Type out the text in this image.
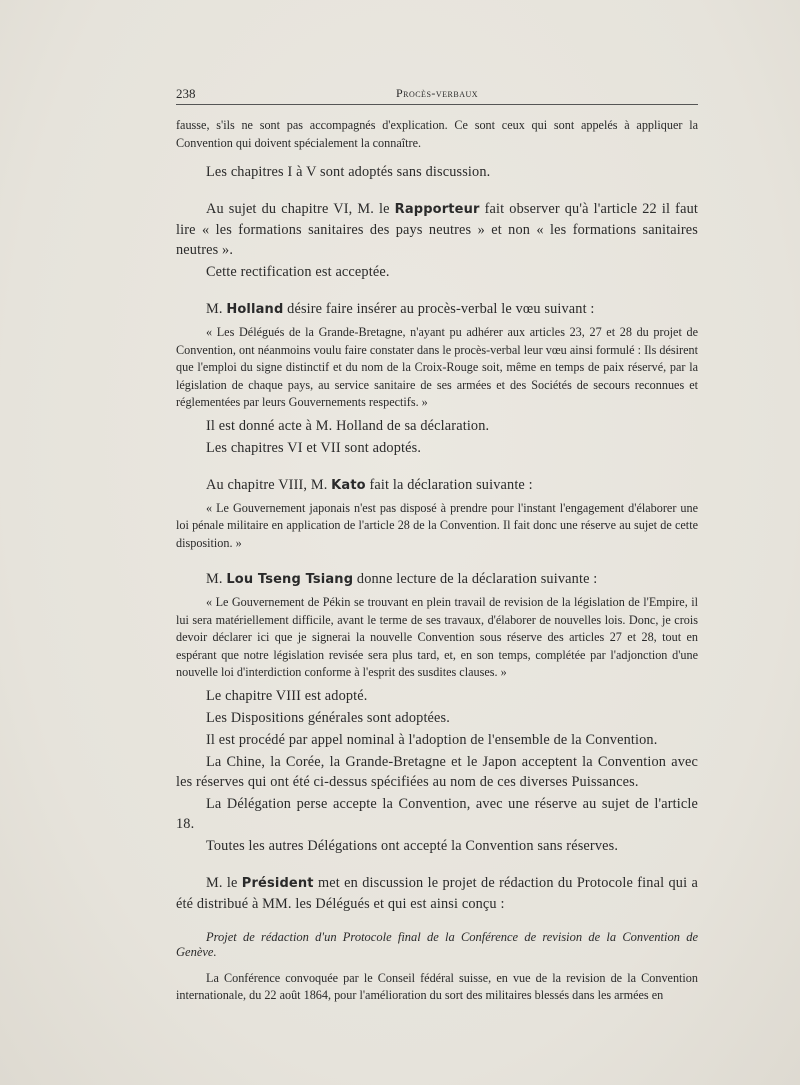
238	Procès-verbaux

fausse, s'ils ne sont pas accompagnés d'explication. Ce sont ceux qui sont appelés à appliquer la Convention qui doivent spécialement la connaître.

Les chapitres I à V sont adoptés sans discussion.

Au sujet du chapitre VI, M. le Rapporteur fait observer qu'à l'article 22 il faut lire « les formations sanitaires des pays neutres » et non « les formations sanitaires neutres ».

Cette rectification est acceptée.

M. Holland désire faire insérer au procès-verbal le vœu suivant :

« Les Délégués de la Grande-Bretagne, n'ayant pu adhérer aux articles 23, 27 et 28 du projet de Convention, ont néanmoins voulu faire constater dans le procès-verbal leur vœu ainsi formulé : Ils désirent que l'emploi du signe distinctif et du nom de la Croix-Rouge soit, même en temps de paix réservé, par la législation de chaque pays, au service sanitaire de ses armées et des Sociétés de secours reconnues et réglementées par leurs Gouvernements respectifs. »

Il est donné acte à M. Holland de sa déclaration.

Les chapitres VI et VII sont adoptés.

Au chapitre VIII, M. Kato fait la déclaration suivante :

« Le Gouvernement japonais n'est pas disposé à prendre pour l'instant l'engagement d'élaborer une loi pénale militaire en application de l'article 28 de la Convention. Il fait donc une réserve au sujet de cette disposition. »

M. Lou Tseng Tsiang donne lecture de la déclaration suivante :

« Le Gouvernement de Pékin se trouvant en plein travail de revision de la législation de l'Empire, il lui sera matériellement difficile, avant le terme de ses travaux, d'élaborer de nouvelles lois. Donc, je crois devoir déclarer ici que je signerai la nouvelle Convention sous réserve des articles 27 et 28, tout en espérant que notre législation revisée sera plus tard, et, en son temps, complétée par l'adjonction d'une nouvelle loi d'interdiction conforme à l'esprit des susdites clauses. »

Le chapitre VIII est adopté.

Les Dispositions générales sont adoptées.

Il est procédé par appel nominal à l'adoption de l'ensemble de la Convention.

La Chine, la Corée, la Grande-Bretagne et le Japon acceptent la Convention avec les réserves qui ont été ci-dessus spécifiées au nom de ces diverses Puissances.

La Délégation perse accepte la Convention, avec une réserve au sujet de l'article 18.

Toutes les autres Délégations ont accepté la Convention sans réserves.

M. le Président met en discussion le projet de rédaction du Protocole final qui a été distribué à MM. les Délégués et qui est ainsi conçu :

Projet de rédaction d'un Protocole final de la Conférence de revision de la Convention de Genève.

La Conférence convoquée par le Conseil fédéral suisse, en vue de la revision de la Convention internationale, du 22 août 1864, pour l'amélioration du sort des militaires blessés dans les armées en
